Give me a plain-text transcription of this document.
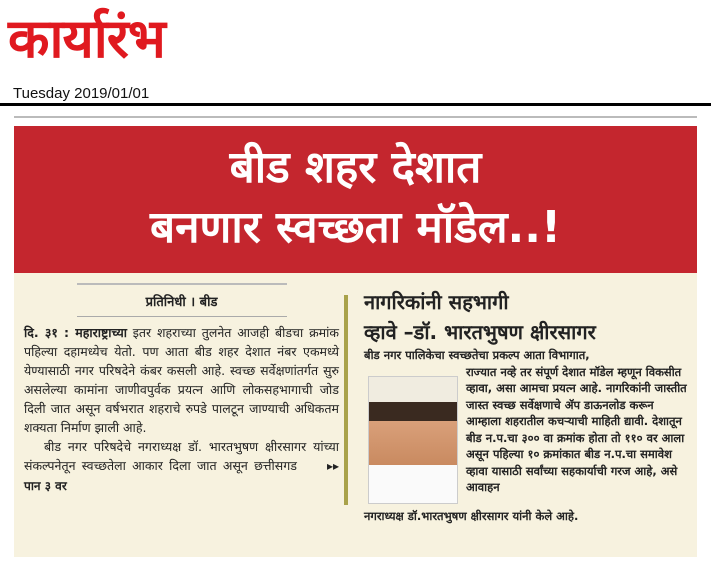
कार्यारंभ
Tuesday 2019/01/01
बीड शहर देशात
बनणार स्वच्छता मॉडेल..!
प्रतिनिधी । बीड

दि. ३१ : महाराष्ट्राच्या इतर शहराच्या तुलनेत आजही बीडचा क्रमांक पहिल्या दहामध्येच येतो. पण आता बीड शहर देशात नंबर एकमध्ये येण्यासाठी नगर परिषदेने कंबर कसली आहे. स्वच्छ सर्वेक्षणांतर्गत सुरु असलेल्या कामांना जाणीवपुर्वक प्रयत्न आणि लोकसहभागाची जोड दिली जात असून वर्षभरात शहराचे रुपडे पालटून जाण्याची अधिकतम शक्यता निर्माण झाली आहे.

बीड नगर परिषदेचे नगराध्यक्ष डॉ. भारतभुषण क्षीरसागर यांच्या संकल्पनेतून स्वच्छतेला आकार दिला जात असून छत्तीसगड	▸▸ पान ३ वर

नागरिकांनी सहभागी
व्हावे –डॉ. भारतभुषण क्षीरसागर
बीड नगर पालिकेचा स्वच्छतेचा प्रकल्प आता विभागात,
राज्यात नव्हे तर संपूर्ण देशात मॉडेल म्हणून विकसीत व्हावा, असा आमचा प्रयत्न आहे. नागरिकांनी जास्तीत जास्त स्वच्छ सर्वेक्षणाचे ॲप डाऊनलोड करून आम्हाला शहरातील कचऱ्याची माहिती द्यावी. देशातून बीड न.प.चा ३०० वा क्रमांक होता तो ११० वर आला असून पहिल्या १० क्रमांकात बीड न.प.चा समावेश व्हावा यासाठी सर्वांच्या सहकार्याची गरज आहे, असे आवाहन
नगराध्यक्ष डॉ.भारतभुषण क्षीरसागर यांनी केले आहे.
